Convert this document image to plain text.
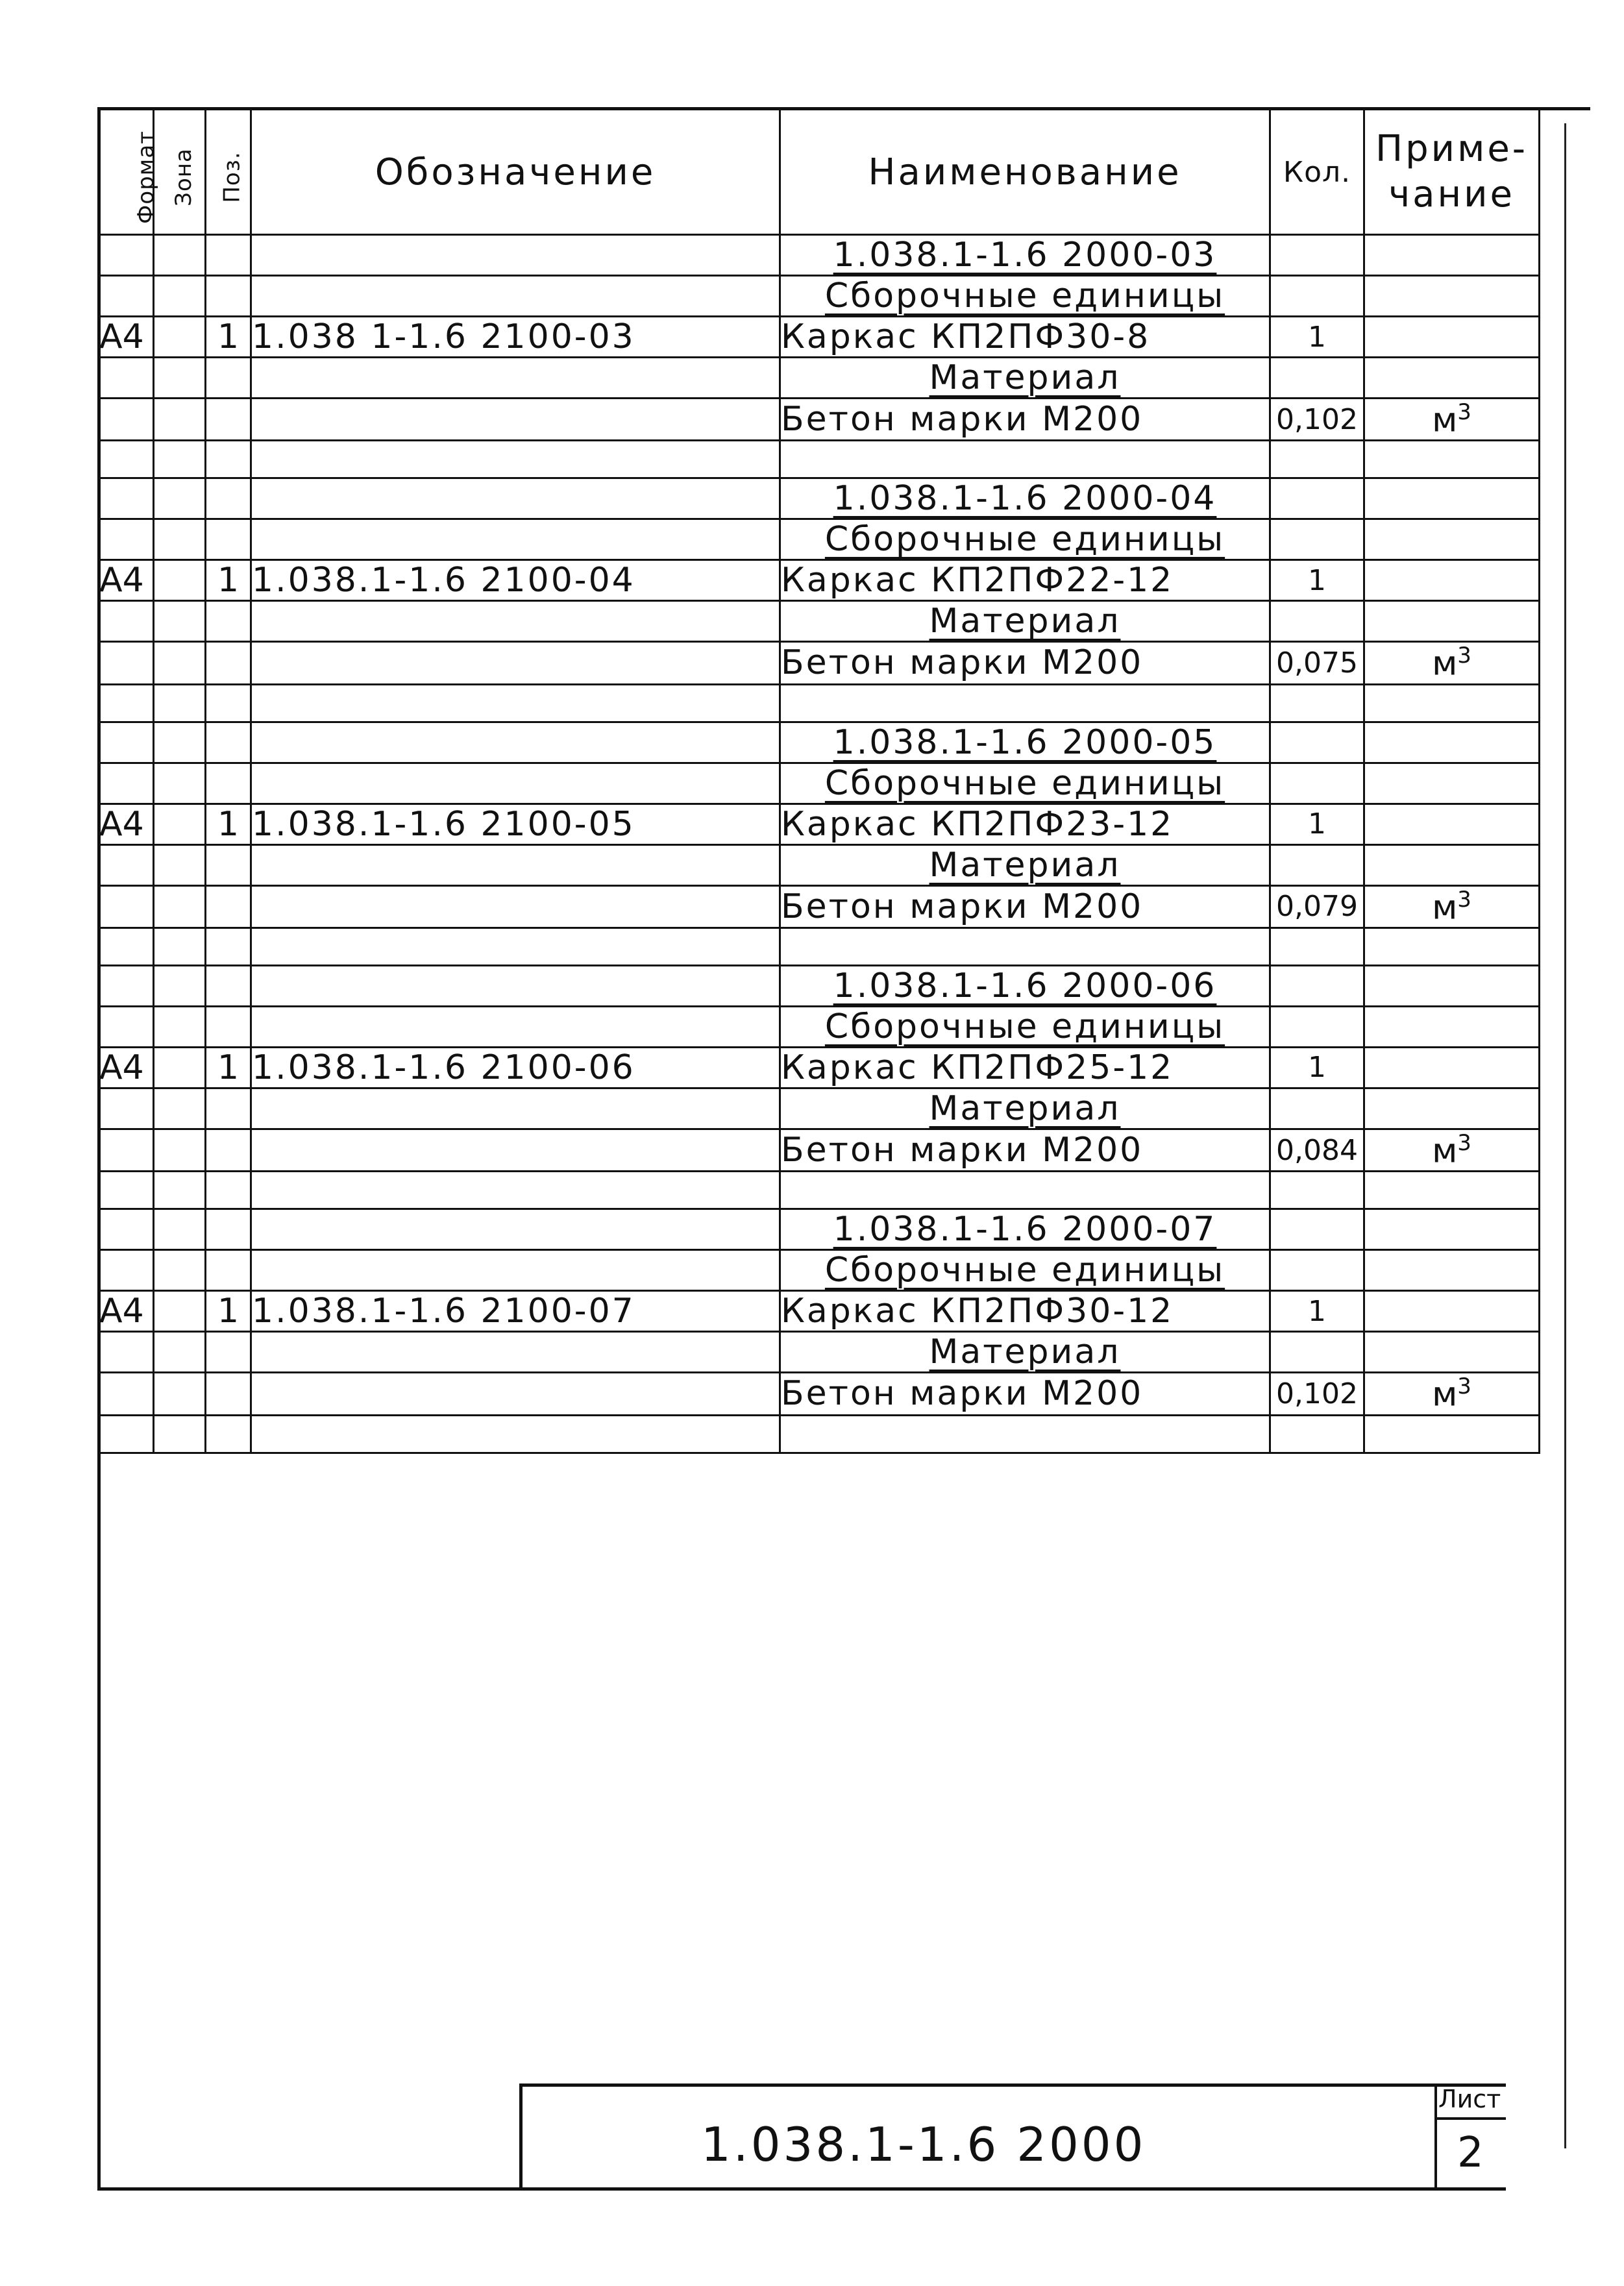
Формат	Зона	Поз.	Обозначение	Наименование	Кол.	Приме-
чание
				1.038.1-1.6 2000-03		
				Сборочные единицы		
А4		1	1.038 1-1.6 2100-03	Каркас КП2ПФ30-8	1	
				Материал		
				Бетон марки М200	0,102	$м^3$

				1.038.1-1.6 2000-04		
				Сборочные единицы		
А4		1	1.038.1-1.6 2100-04	Каркас КП2ПФ22-12	1	
				Материал		
				Бетон марки М200	0,075	$м^3$

				1.038.1-1.6 2000-05		
				Сборочные единицы		
А4		1	1.038.1-1.6 2100-05	Каркас КП2ПФ23-12	1	
				Материал		
				Бетон марки М200	0,079	$м^3$

				1.038.1-1.6 2000-06		
				Сборочные единицы		
А4		1	1.038.1-1.6 2100-06	Каркас КП2ПФ25-12	1	
				Материал		
				Бетон марки М200	0,084	$м^3$

				1.038.1-1.6 2000-07		
				Сборочные единицы		
А4		1	1.038.1-1.6 2100-07	Каркас КП2ПФ30-12	1	
				Материал		
				Бетон марки М200	0,102	$м^3$

1.038.1-1.6 2000
Лист
2
